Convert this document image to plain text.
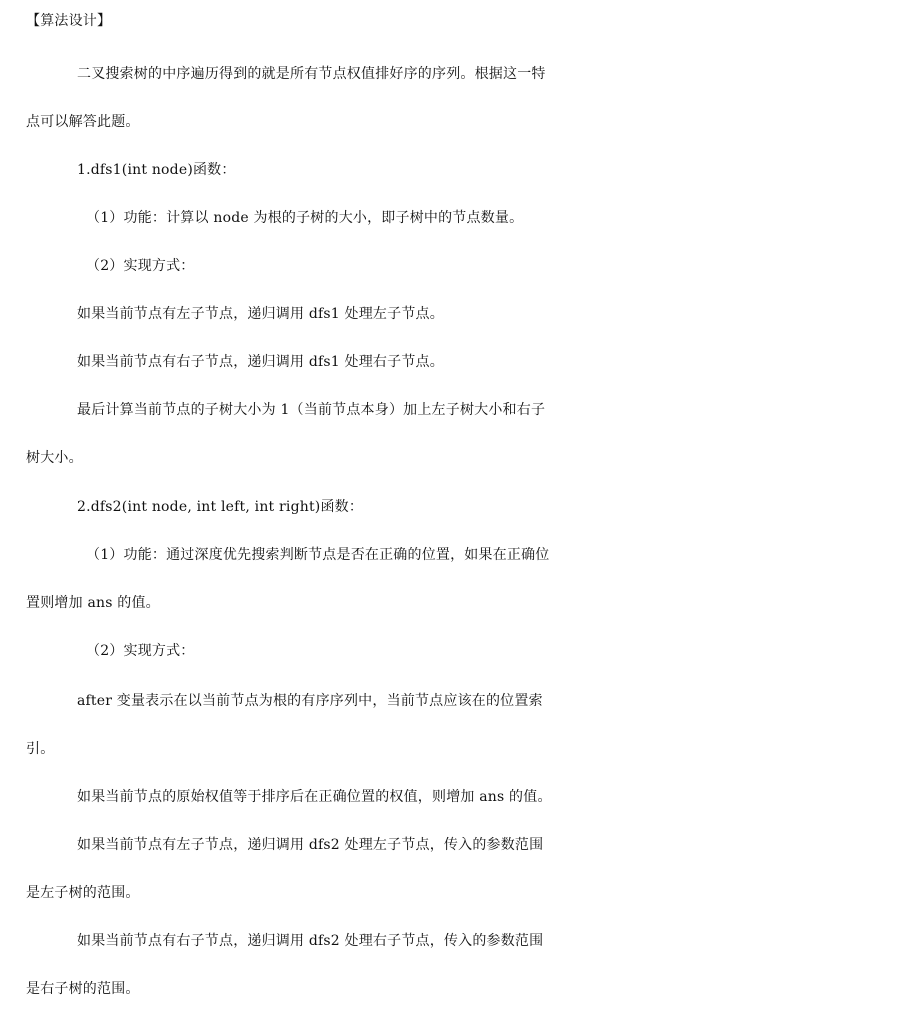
【算法设计】
二叉搜索树的中序遍历得到的就是所有节点权值排好序的序列。根据这一特
点可以解答此题。
1.dfs1(int node)函数：
（1）功能：计算以 node 为根的子树的大小，即子树中的节点数量。
（2）实现方式：
如果当前节点有左子节点，递归调用 dfs1 处理左子节点。
如果当前节点有右子节点，递归调用 dfs1 处理右子节点。
最后计算当前节点的子树大小为 1（当前节点本身）加上左子树大小和右子
树大小。
2.dfs2(int node, int left, int right)函数：
（1）功能：通过深度优先搜索判断节点是否在正确的位置，如果在正确位
置则增加 ans 的值。
（2）实现方式：
after 变量表示在以当前节点为根的有序序列中，当前节点应该在的位置索
引。
如果当前节点的原始权值等于排序后在正确位置的权值，则增加 ans 的值。
如果当前节点有左子节点，递归调用 dfs2 处理左子节点，传入的参数范围
是左子树的范围。
如果当前节点有右子节点，递归调用 dfs2 处理右子节点，传入的参数范围
是右子树的范围。
